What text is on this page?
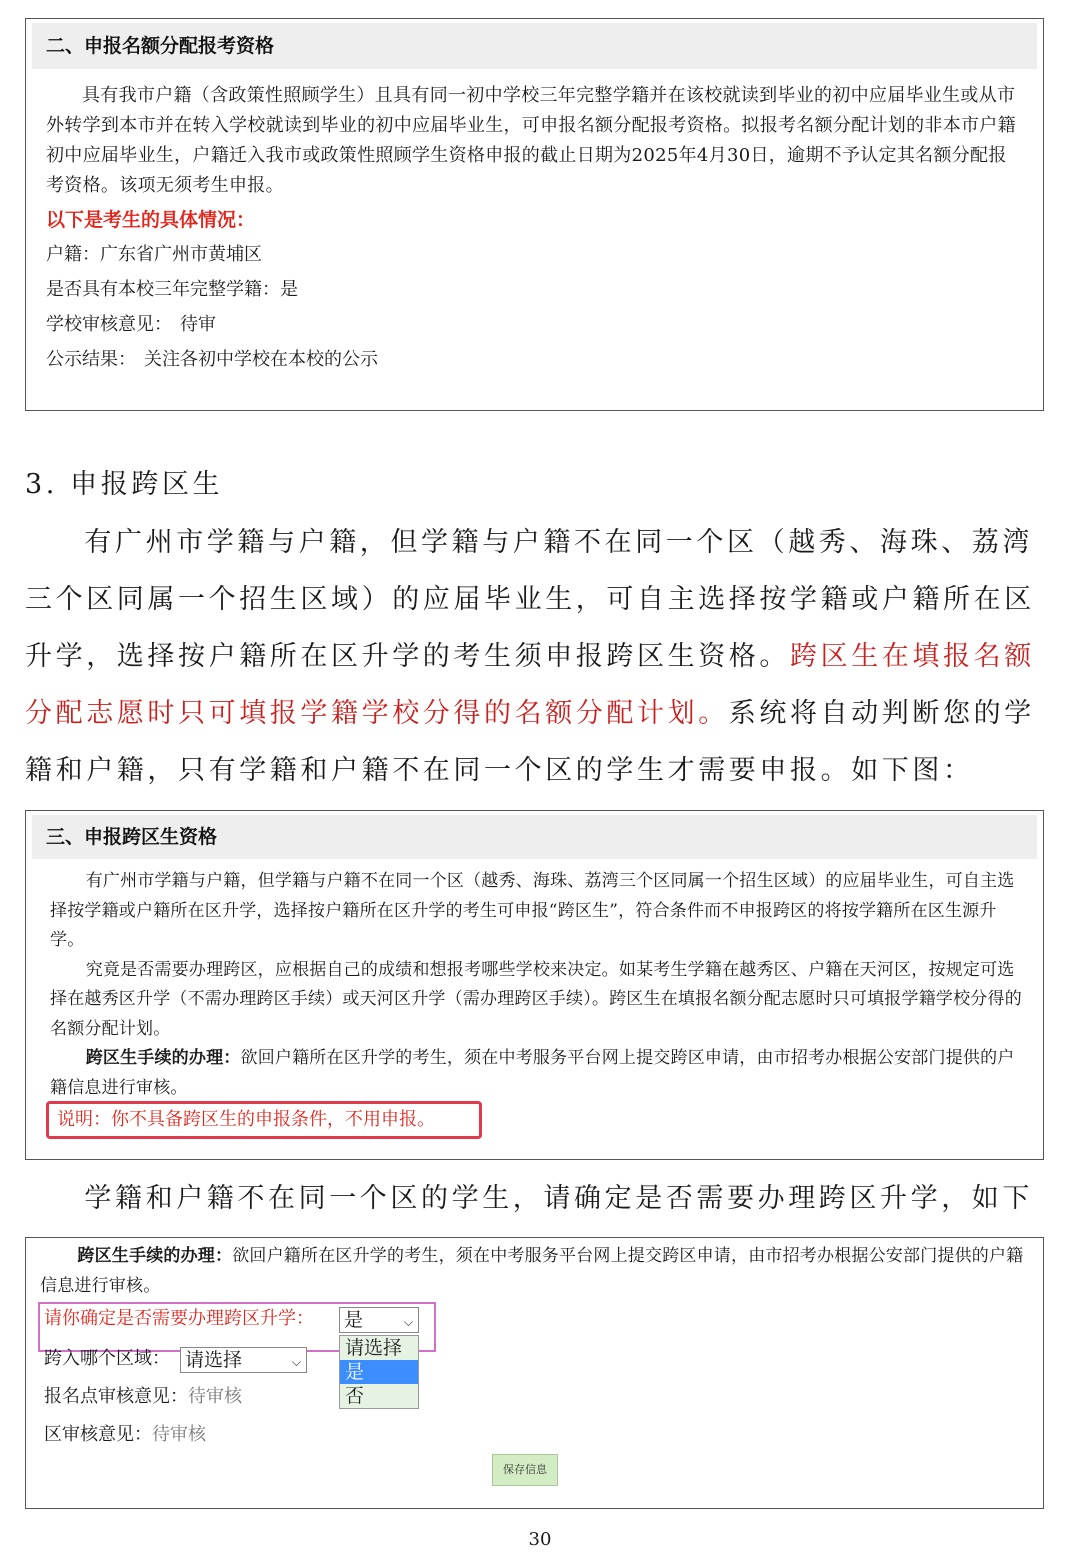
二、申报名额分配报考资格

具有我市户籍（含政策性照顾学生）且具有同一初中学校三年完整学籍并在该校就读到毕业的初中应届毕业生或从市外转学到本市并在转入学校就读到毕业的初中应届毕业生，可申报名额分配报考资格。拟报考名额分配计划的非本市户籍初中应届毕业生，户籍迁入我市或政策性照顾学生资格申报的截止日期为2025年4月30日，逾期不予认定其名额分配报考资格。该项无须考生申报。

以下是考生的具体情况：

户籍：广东省广州市黄埔区

是否具有本校三年完整学籍：是

学校审核意见： 待审

公示结果： 关注各初中学校在本校的公示

3. 申报跨区生

有广州市学籍与户籍，但学籍与户籍不在同一个区（越秀、海珠、荔湾三个区同属一个招生区域）的应届毕业生，可自主选择按学籍或户籍所在区升学，选择按户籍所在区升学的考生须申报跨区生资格。跨区生在填报名额分配志愿时只可填报学籍学校分得的名额分配计划。系统将自动判断您的学籍和户籍，只有学籍和户籍不在同一个区的学生才需要申报。如下图：

三、申报跨区生资格

有广州市学籍与户籍，但学籍与户籍不在同一个区（越秀、海珠、荔湾三个区同属一个招生区域）的应届毕业生，可自主选择按学籍或户籍所在区升学，选择按户籍所在区升学的考生可申报“跨区生”，符合条件而不申报跨区的将按学籍所在区生源升学。

究竟是否需要办理跨区，应根据自己的成绩和想报考哪些学校来决定。如某考生学籍在越秀区、户籍在天河区，按规定可选择在越秀区升学（不需办理跨区手续）或天河区升学（需办理跨区手续）。跨区生在填报名额分配志愿时只可填报学籍学校分得的名额分配计划。

跨区生手续的办理：欲回户籍所在区升学的考生，须在中考服务平台网上提交跨区申请，由市招考办根据公安部门提供的户籍信息进行审核。

说明：你不具备跨区生的申报条件，不用申报。

学籍和户籍不在同一个区的学生，请确定是否需要办理跨区升学，如下

跨区生手续的办理：欲回户籍所在区升学的考生，须在中考服务平台网上提交跨区申请，由市招考办根据公安部门提供的户籍信息进行审核。

请你确定是否需要办理跨区升学： 是	⌵
请选择
是
否
跨入哪个区域： 请选择	⌵
报名点审核意见：待审核
区审核意见：待审核
保存信息
30
